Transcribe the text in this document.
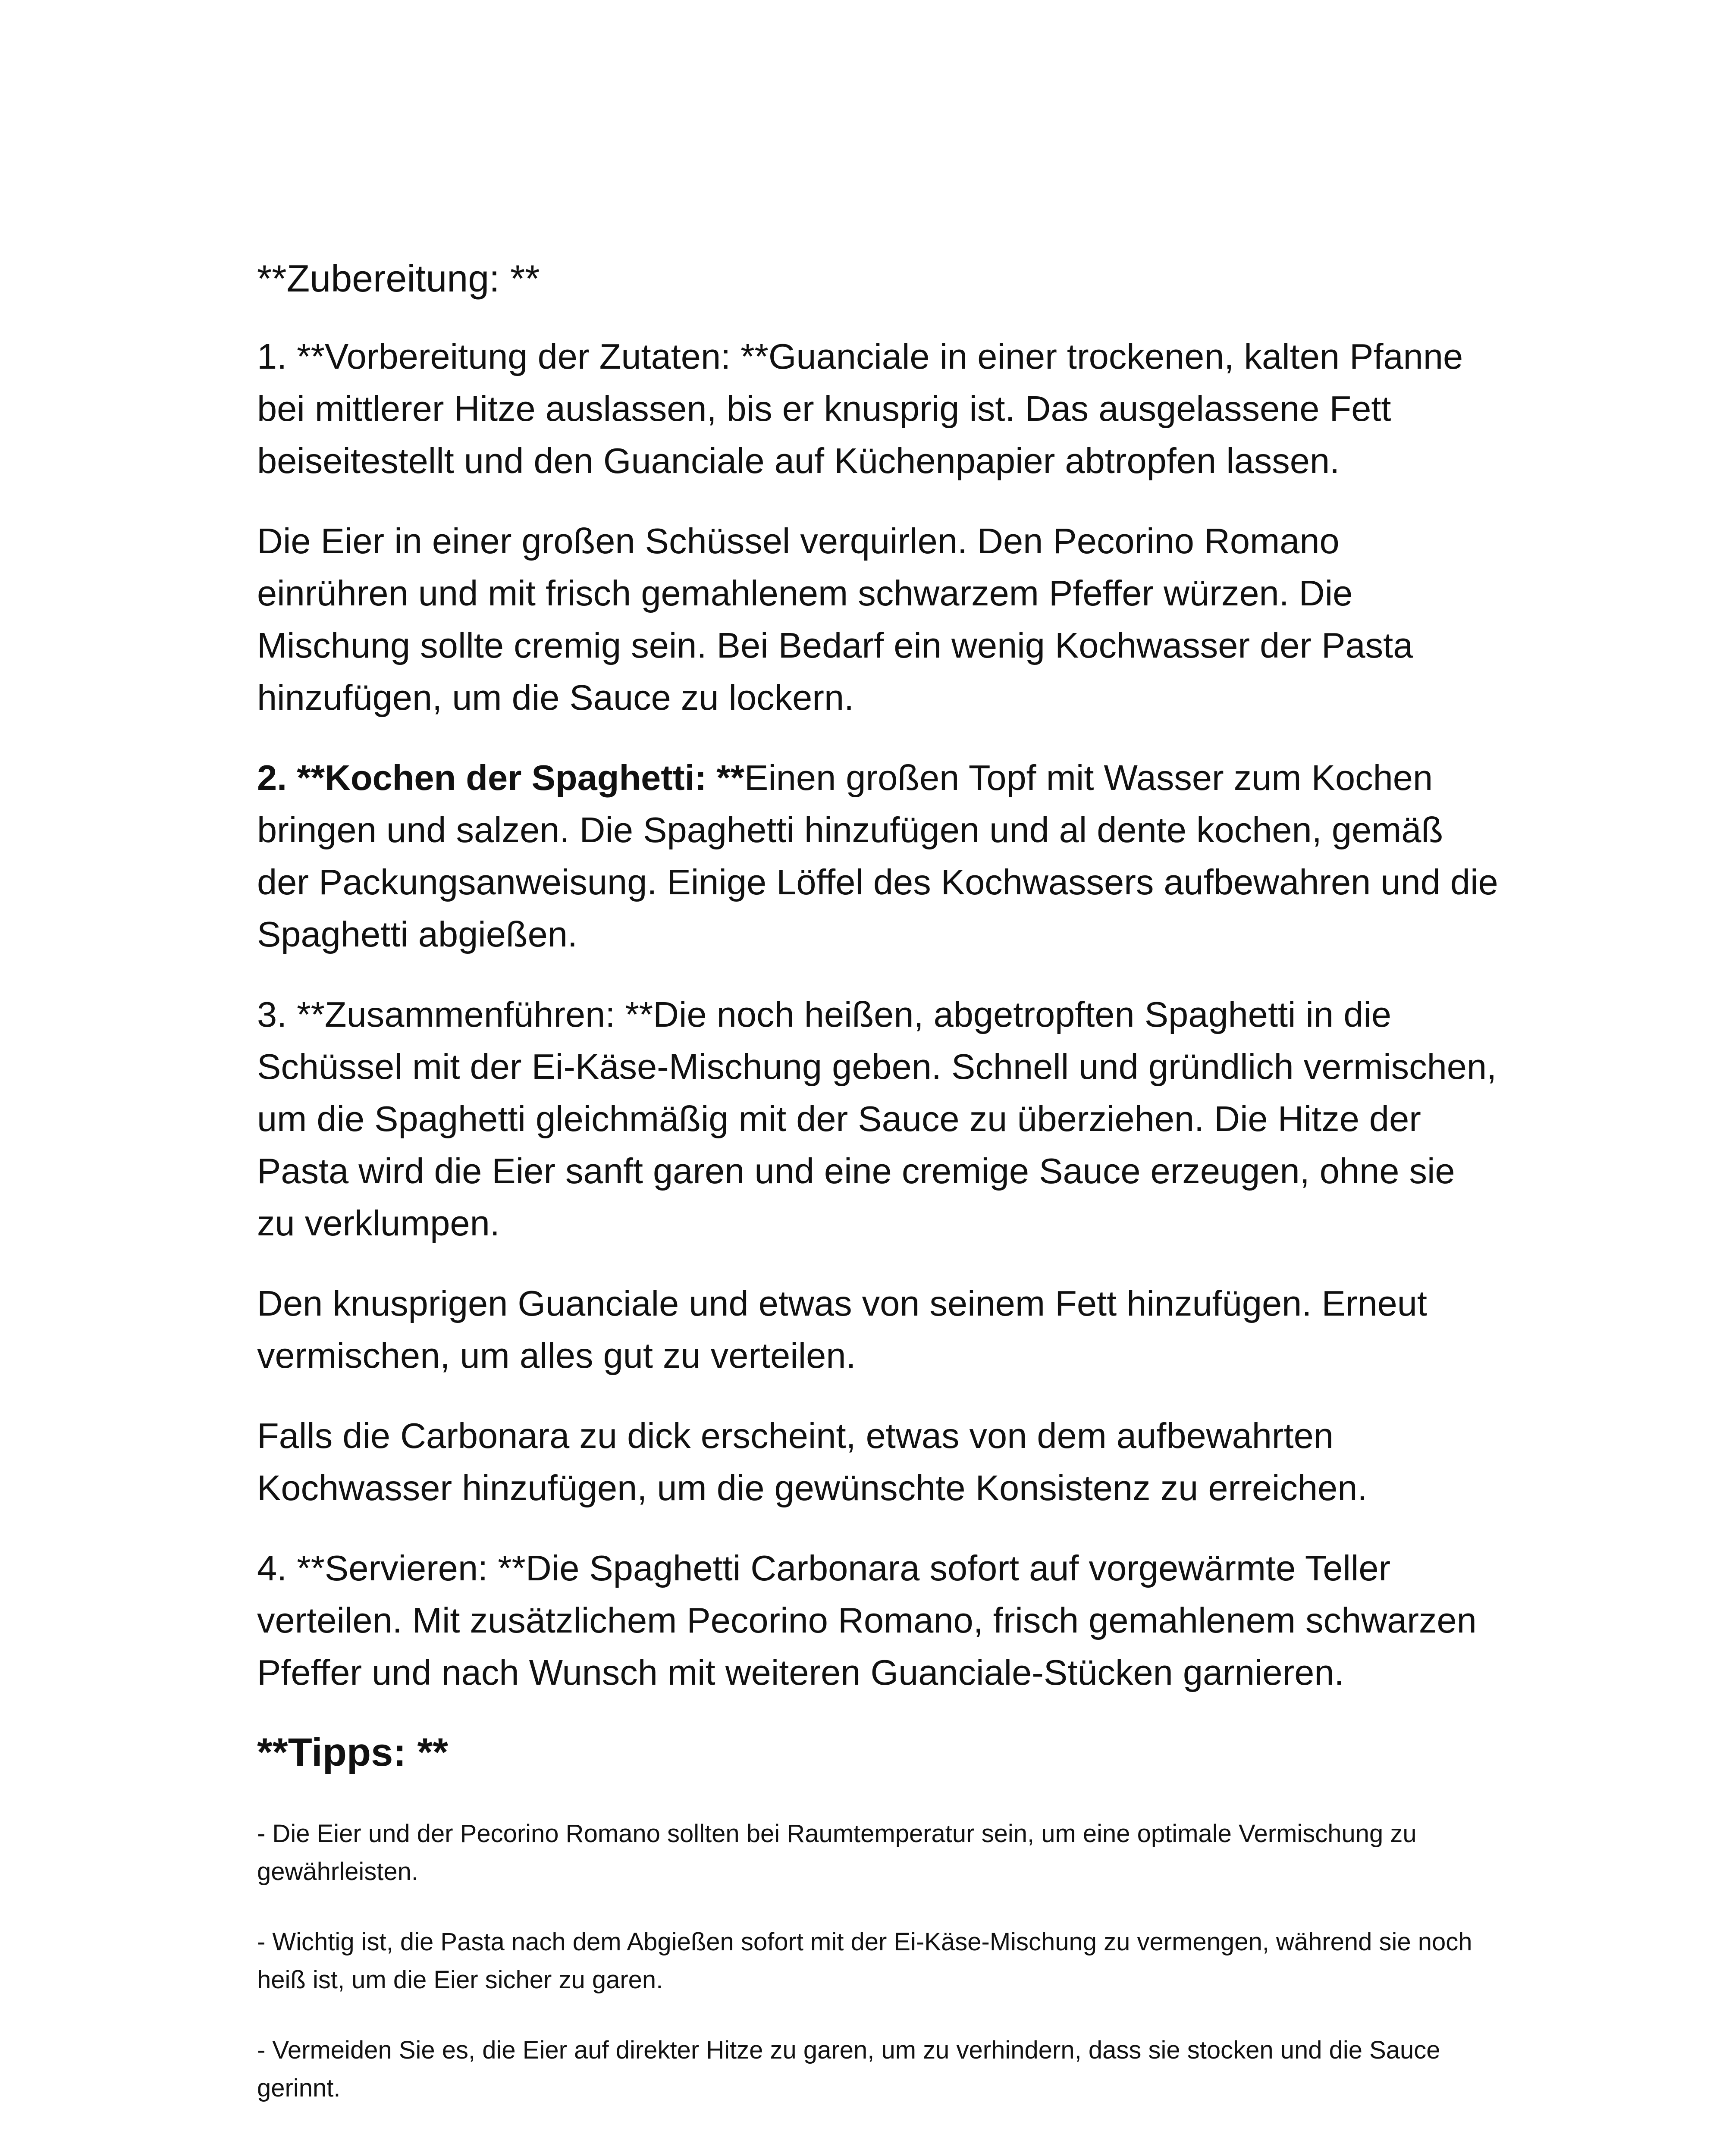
**Zubereitung: **

1. **Vorbereitung der Zutaten: **Guanciale in einer trockenen, kalten Pfanne bei mittlerer Hitze auslassen, bis er knusprig ist. Das ausgelassene Fett beiseitestellt und den Guanciale auf Küchenpapier abtropfen lassen.

Die Eier in einer großen Schüssel verquirlen. Den Pecorino Romano einrühren und mit frisch gemahlenem schwarzem Pfeffer würzen. Die Mischung sollte cremig sein. Bei Bedarf ein wenig Kochwasser der Pasta hinzufügen, um die Sauce zu lockern.

2. **Kochen der Spaghetti: **Einen großen Topf mit Wasser zum Kochen bringen und salzen. Die Spaghetti hinzufügen und al dente kochen, gemäß der Packungsanweisung. Einige Löffel des Kochwassers aufbewahren und die Spaghetti abgießen.

3. **Zusammenführen: **Die noch heißen, abgetropften Spaghetti in die Schüssel mit der Ei-Käse-Mischung geben. Schnell und gründlich vermischen, um die Spaghetti gleichmäßig mit der Sauce zu überziehen. Die Hitze der Pasta wird die Eier sanft garen und eine cremige Sauce erzeugen, ohne sie zu verklumpen.

Den knusprigen Guanciale und etwas von seinem Fett hinzufügen. Erneut vermischen, um alles gut zu verteilen.

Falls die Carbonara zu dick erscheint, etwas von dem aufbewahrten Kochwasser hinzufügen, um die gewünschte Konsistenz zu erreichen.

4. **Servieren: **Die Spaghetti Carbonara sofort auf vorgewärmte Teller verteilen. Mit zusätzlichem Pecorino Romano, frisch gemahlenem schwarzen Pfeffer und nach Wunsch mit weiteren Guanciale-Stücken garnieren.

**Tipps: **

- Die Eier und der Pecorino Romano sollten bei Raumtemperatur sein, um eine optimale Vermischung zu gewährleisten.

- Wichtig ist, die Pasta nach dem Abgießen sofort mit der Ei-Käse-Mischung zu vermengen, während sie noch heiß ist, um die Eier sicher zu garen.

- Vermeiden Sie es, die Eier auf direkter Hitze zu garen, um zu verhindern, dass sie stocken und die Sauce gerinnt.
